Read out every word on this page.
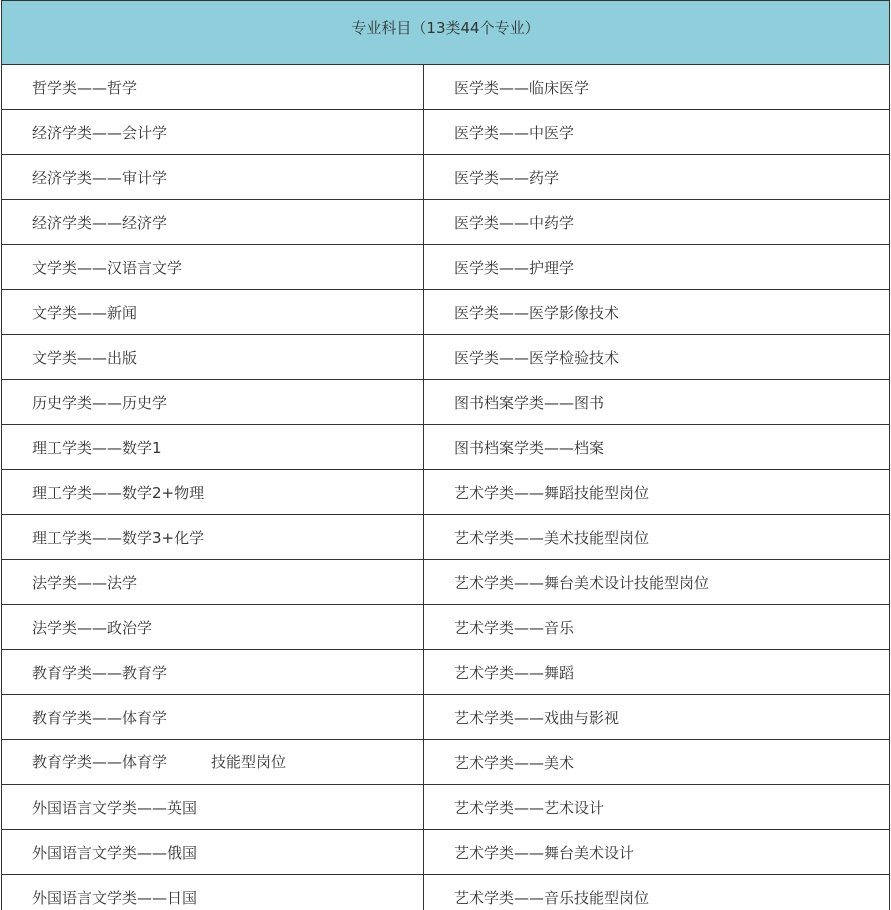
专业科目（13类44个专业）	
哲学类——哲学	医学类——临床医学
经济学类——会计学	医学类——中医学
经济学类——审计学	医学类——药学
经济学类——经济学	医学类——中药学
文学类——汉语言文学	医学类——护理学
文学类——新闻	医学类——医学影像技术
文学类——出版	医学类——医学检验技术
历史学类——历史学	图书档案学类——图书
理工学类——数学1	图书档案学类——档案
理工学类——数学2+物理	艺术学类——舞蹈技能型岗位
理工学类——数学3+化学	艺术学类——美术技能型岗位
法学类——法学	艺术学类——舞台美术设计技能型岗位
法学类——政治学	艺术学类——音乐
教育学类——教育学	艺术学类——舞蹈
教育学类——体育学	艺术学类——戏曲与影视
教育学类——体育学 技能型岗位	艺术学类——美术
外国语言文学类——英国	艺术学类——艺术设计
外国语言文学类——俄国	艺术学类——舞台美术设计
外国语言文学类——日国	艺术学类——音乐技能型岗位
